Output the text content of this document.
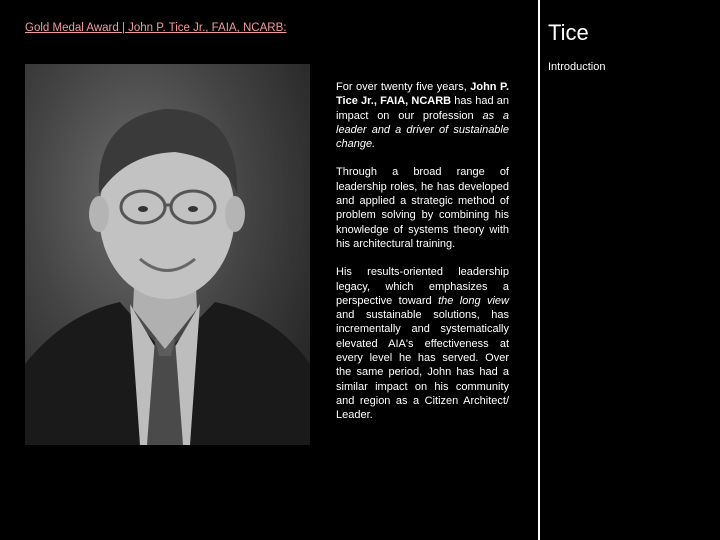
Gold Medal Award | John P. Tice Jr., FAIA, NCARB:	Tice
Introduction

For over twenty five years, John P. Tice Jr., FAIA, NCARB has had an impact on our profession as a leader and a driver of sustainable change.

Through a broad range of leadership roles, he has developed and applied a strategic method of problem solving by combining his knowledge of systems theory with his architectural training.

His results-oriented leadership legacy, which emphasizes a perspective toward the long view and sustainable solutions, has incrementally and systematically elevated AIA's effectiveness at every level he has served. Over the same period, John has had a similar impact on his community and region as a Citizen Architect/ Leader.
